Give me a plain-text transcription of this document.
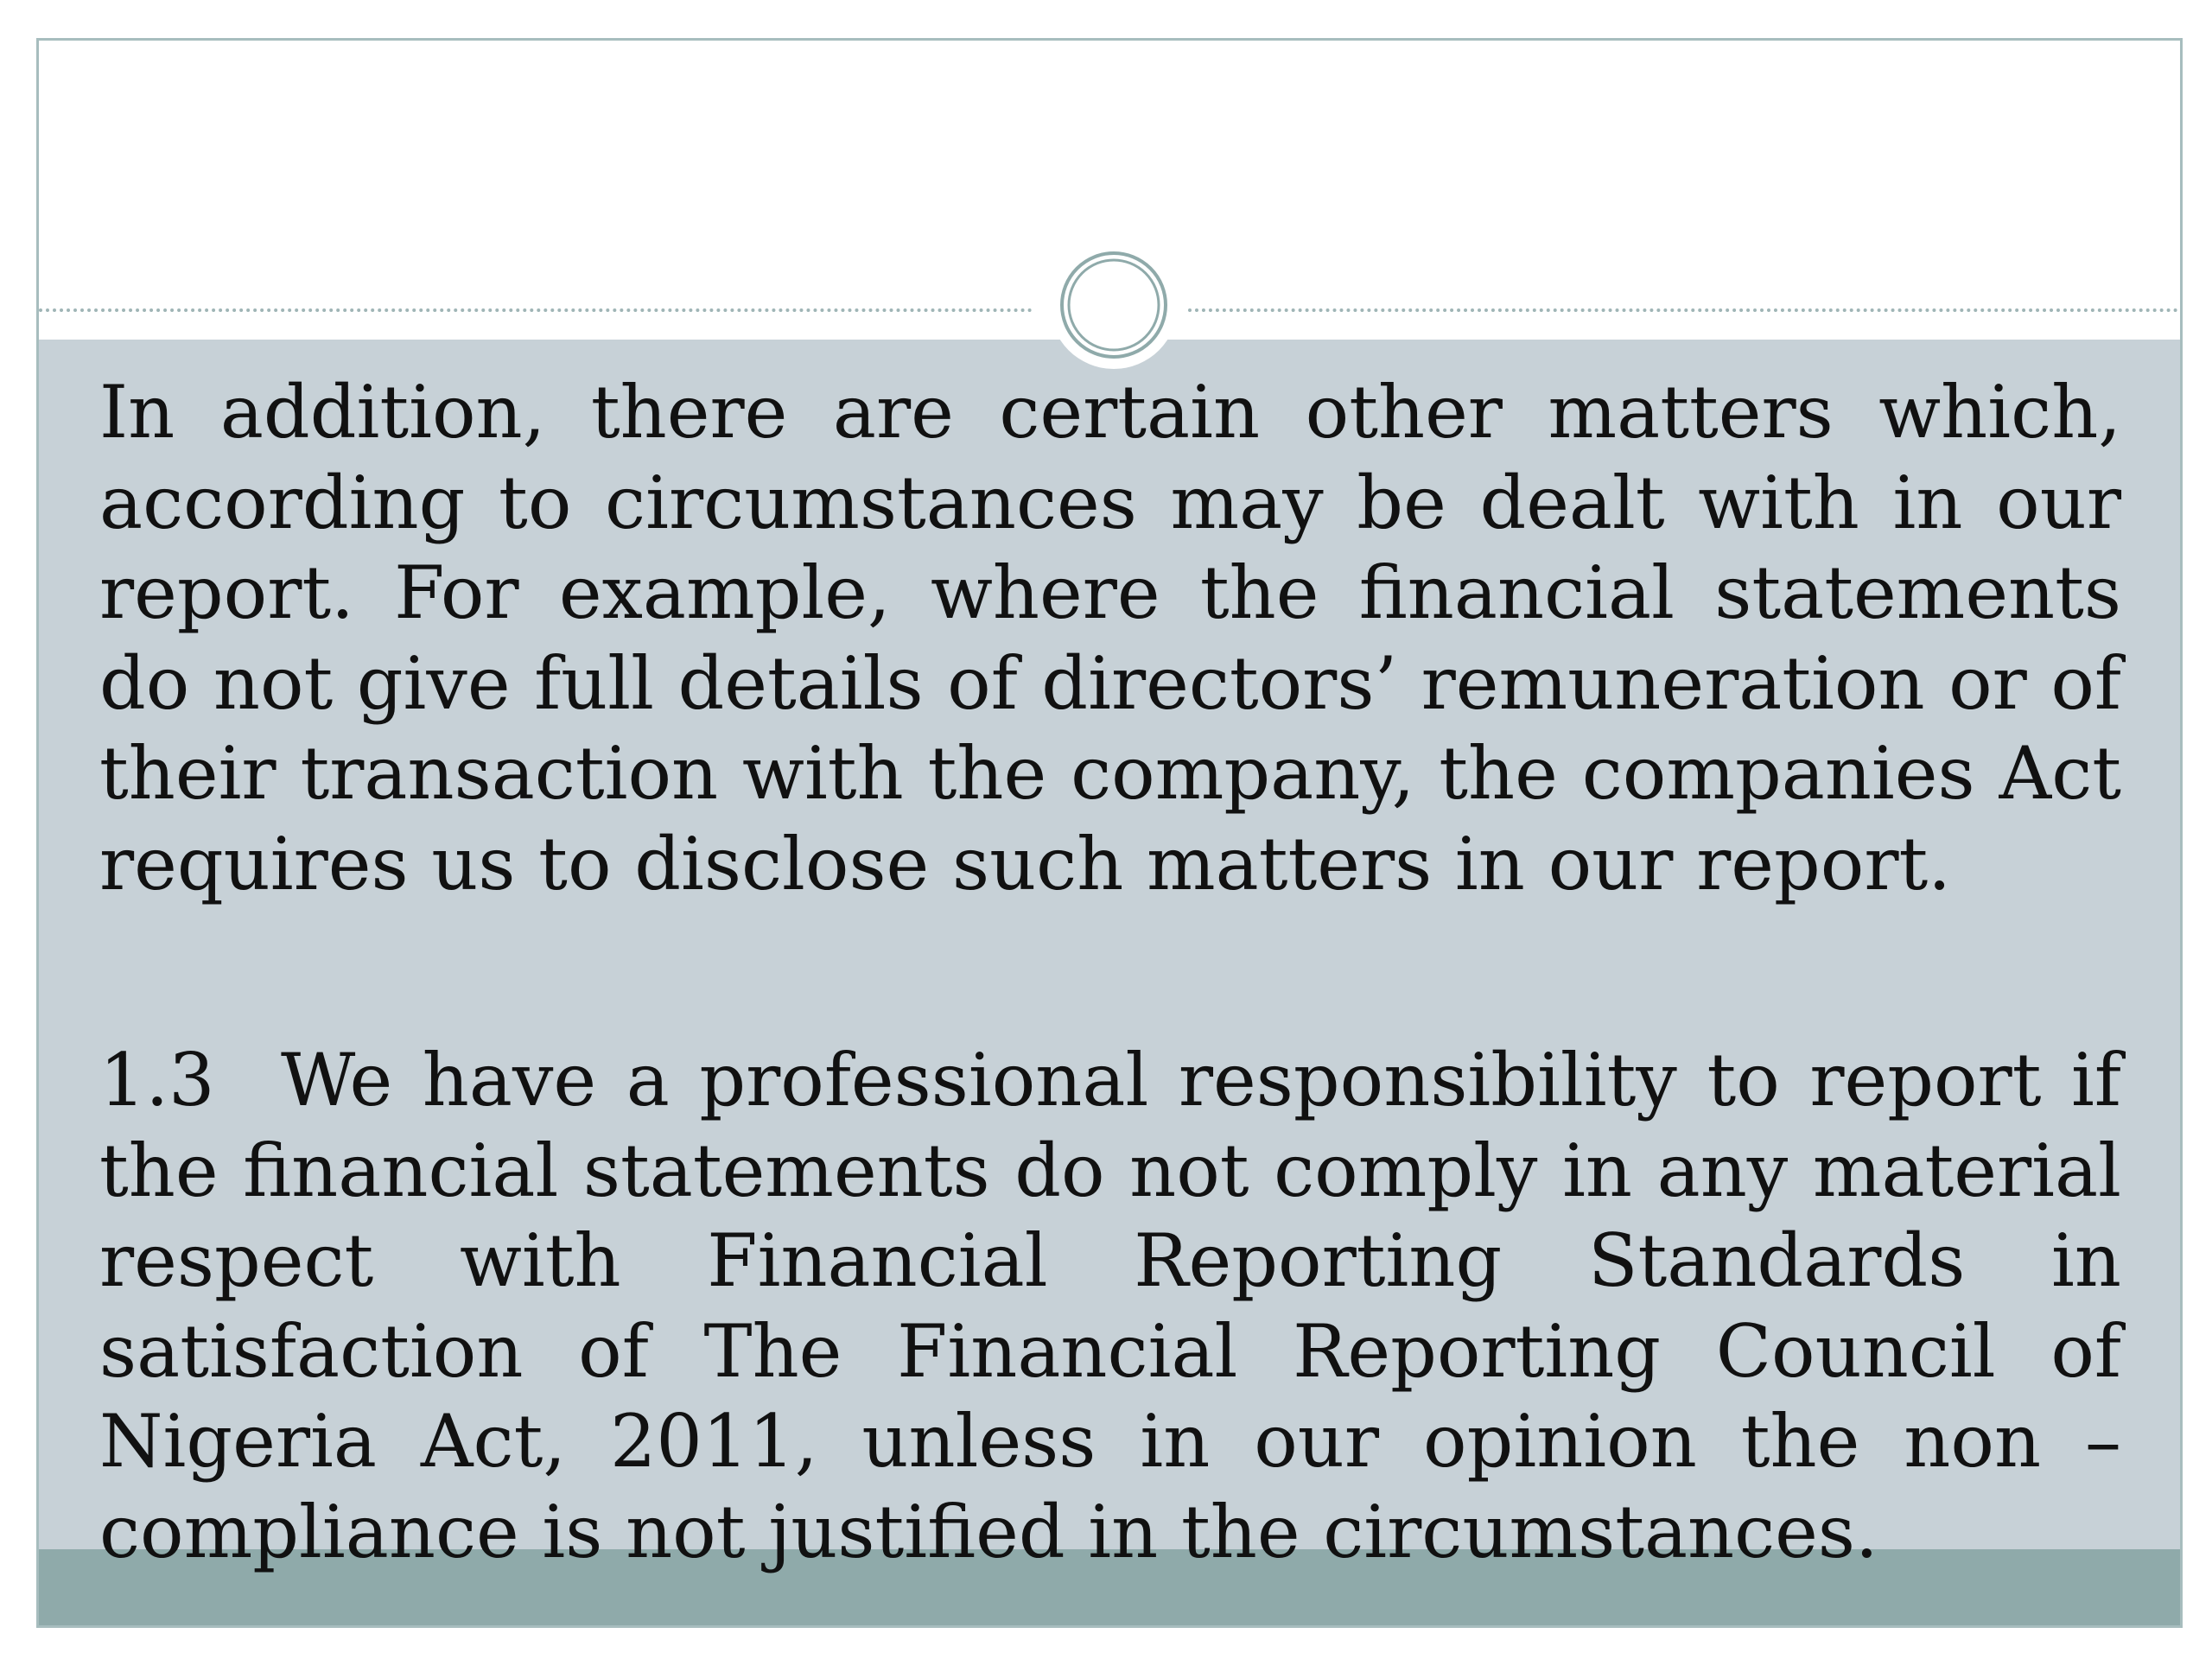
In addition, there are certain other matters which, according to circumstances may be dealt with in our report. For example, where the financial statements do not give full details of directors’ remuneration or of their transaction with the company, the companies Act requires us to disclose such matters in our report.

1.3 We have a professional responsibility to report if the financial statements do not comply in any material respect with Financial Reporting Standards in satisfaction of The Financial Reporting Council of Nigeria Act, 2011, unless in our opinion the non – compliance is not justified in the circumstances.
